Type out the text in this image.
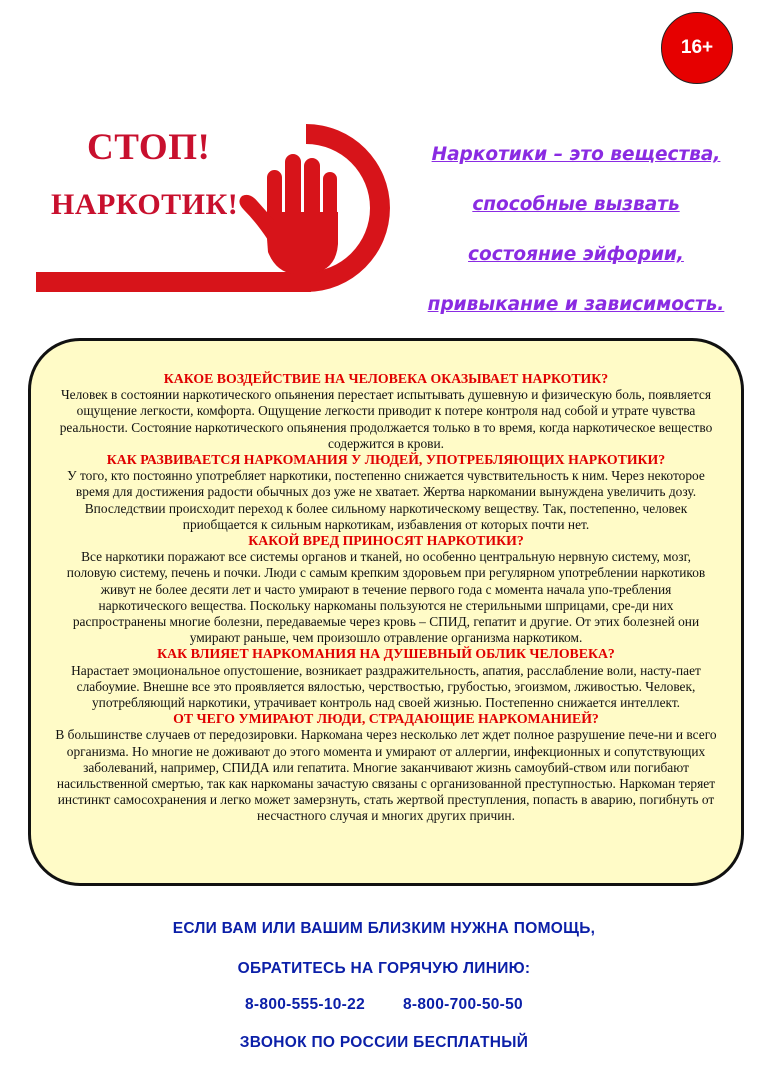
16+
СТОП!
НАРКОТИК!
Наркотики – это вещества,
способные вызвать
состояние эйфории,
привыкание и зависимость.
КАКОЕ ВОЗДЕЙСТВИЕ НА ЧЕЛОВЕКА ОКАЗЫВАЕТ НАРКОТИК?

Человек в состоянии наркотического опьянения перестает испытывать душевную и физическую боль, появляется ощущение легкости, комфорта. Ощущение легкости приводит к потере контроля над собой и утрате чувства реальности. Состояние наркотического опьянения продолжается только в то время, когда наркотическое вещество содержится в крови.

КАК РАЗВИВАЕТСЯ НАРКОМАНИЯ У ЛЮДЕЙ, УПОТРЕБЛЯЮЩИХ НАРКОТИКИ?

У того, кто постоянно употребляет наркотики, постепенно снижается чувствительность к ним. Через некоторое время для достижения радости обычных доз уже не хватает. Жертва наркомании вынуждена увеличить дозу. Впоследствии происходит переход к более сильному наркотическому веществу. Так, постепенно, человек приобщается к сильным наркотикам, избавления от которых почти нет.

КАКОЙ ВРЕД ПРИНОСЯТ НАРКОТИКИ?

Все наркотики поражают все системы органов и тканей, но особенно центральную нервную систему, мозг, половую систему, печень и почки. Люди с самым крепким здоровьем при регулярном употреблении наркотиков живут не более десяти лет и часто умирают в течение первого года с момента начала упо-требления наркотического вещества. Поскольку наркоманы пользуются не стерильными шприцами, сре-ди них распространены многие болезни, передаваемые через кровь – СПИД, гепатит и другие. От этих болезней они умирают раньше, чем произошло отравление организма наркотиком.

КАК ВЛИЯЕТ НАРКОМАНИЯ НА ДУШЕВНЫЙ ОБЛИК ЧЕЛОВЕКА?

Нарастает эмоциональное опустошение, возникает раздражительность, апатия, расслабление воли, насту-пает слабоумие. Внешне все это проявляется вялостью, черствостью, грубостью, эгоизмом, лживостью. Человек, употребляющий наркотики, утрачивает контроль над своей жизнью. Постепенно снижается интеллект.

ОТ ЧЕГО УМИРАЮТ ЛЮДИ, СТРАДАЮЩИЕ НАРКОМАНИЕЙ?

В большинстве случаев от передозировки. Наркомана через несколько лет ждет полное разрушение пече-ни и всего организма. Но многие не доживают до этого момента и умирают от аллергии, инфекционных и сопутствующих заболеваний, например, СПИДА или гепатита. Многие заканчивают жизнь самоубий-ством или погибают насильственной смертью, так как наркоманы зачастую связаны с организованной преступностью. Наркоман теряет инстинкт самосохранения и легко может замерзнуть, стать жертвой преступления, попасть в аварию, погибнуть от несчастного случая и многих других причин.

ЕСЛИ ВАМ ИЛИ ВАШИМ БЛИЗКИМ НУЖНА ПОМОЩЬ,
ОБРАТИТЕСЬ НА ГОРЯЧУЮ ЛИНИЮ:
8-800-555-10-22 8-800-700-50-50
ЗВОНОК ПО РОССИИ БЕСПЛАТНЫЙ
